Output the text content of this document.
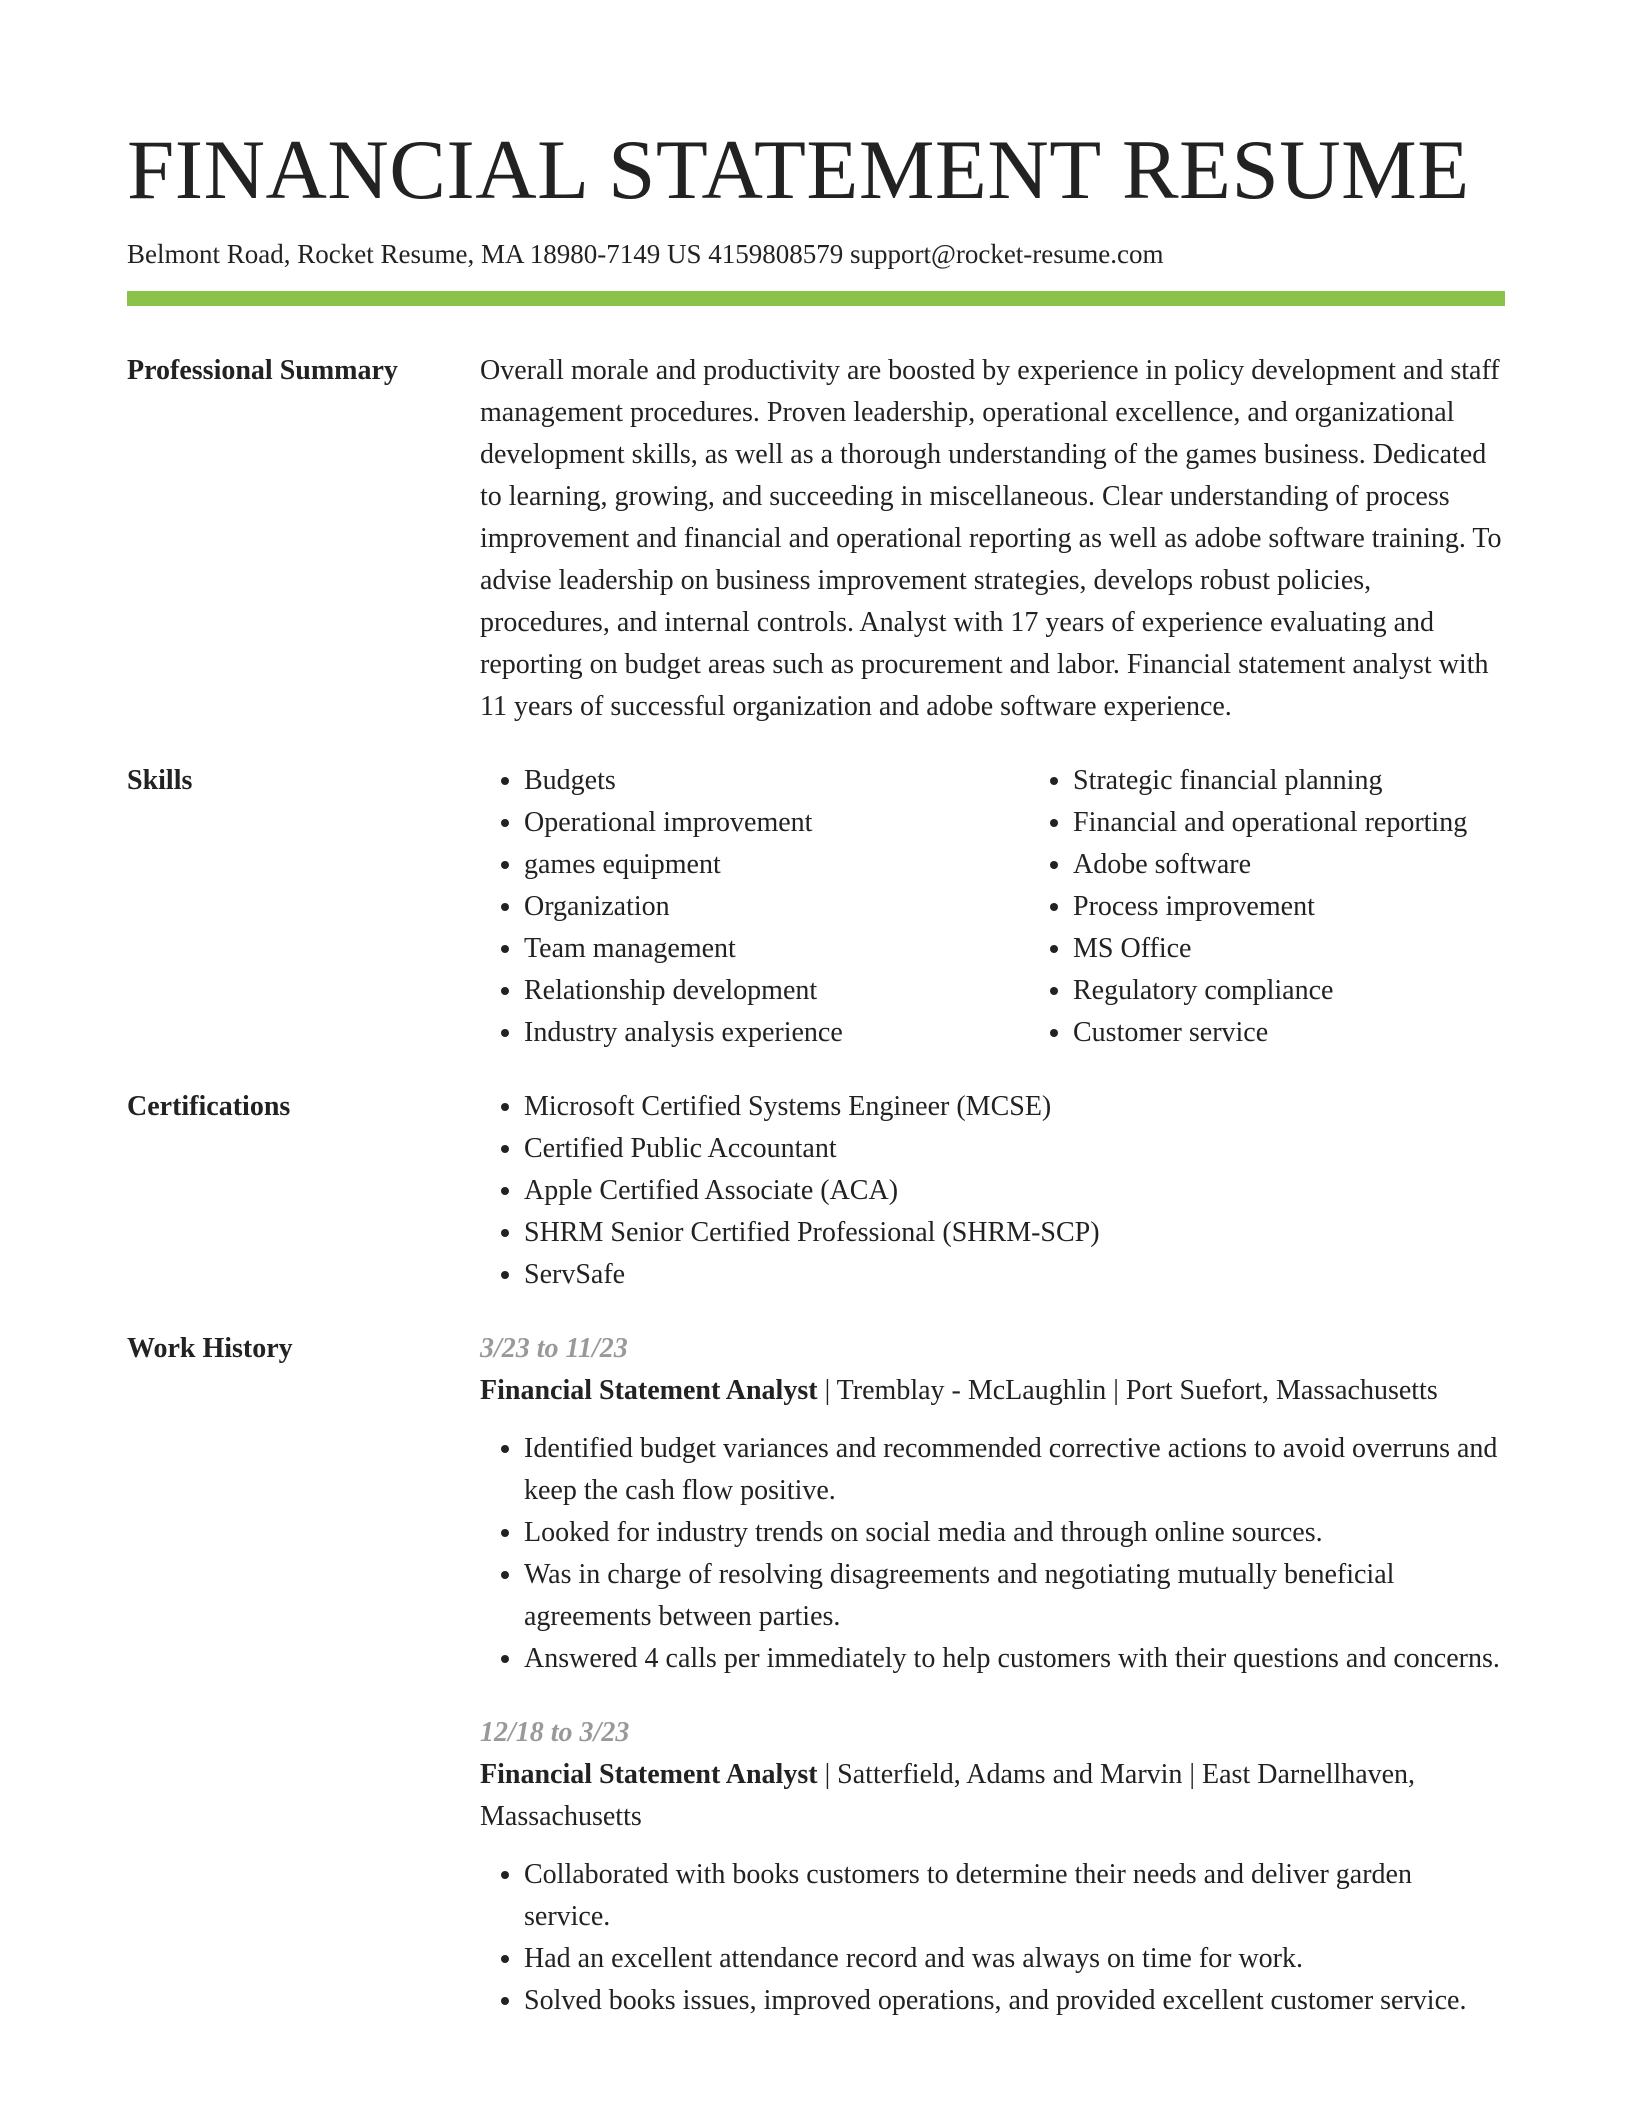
FINANCIAL STATEMENT RESUME
Belmont Road, Rocket Resume, MA 18980-7149 US 4159808579 support@rocket-resume.com
Professional Summary	Overall morale and productivity are boosted by experience in policy development and staff management procedures. Proven leadership, operational excellence, and organizational development skills, as well as a thorough understanding of the games business. Dedicated to learning, growing, and succeeding in miscellaneous. Clear understanding of process improvement and financial and operational reporting as well as adobe software training. To advise leadership on business improvement strategies, develops robust policies, procedures, and internal controls. Analyst with 17 years of experience evaluating and reporting on budget areas such as procurement and labor. Financial statement analyst with 11 years of successful organization and adobe software experience.

Skills	• Budgets
• Operational improvement
• games equipment
• Organization
• Team management
• Relationship development
• Industry analysis experience
• Strategic financial planning
• Financial and operational reporting
• Adobe software
• Process improvement
• MS Office
• Regulatory compliance
• Customer service
Certifications	• Microsoft Certified Systems Engineer (MCSE)
• Certified Public Accountant
• Apple Certified Associate (ACA)
• SHRM Senior Certified Professional (SHRM-SCP)
• ServSafe
Work History	3/23 to 11/23
Financial Statement Analyst | Tremblay - McLaughlin | Port Suefort, Massachusetts
• Identified budget variances and recommended corrective actions to avoid overruns and keep the cash flow positive.
• Looked for industry trends on social media and through online sources.
• Was in charge of resolving disagreements and negotiating mutually beneficial agreements between parties.
• Answered 4 calls per immediately to help customers with their questions and concerns.
12/18 to 3/23
Financial Statement Analyst | Satterfield, Adams and Marvin | East Darnellhaven, Massachusetts
• Collaborated with books customers to determine their needs and deliver garden service.
• Had an excellent attendance record and was always on time for work.
• Solved books issues, improved operations, and provided excellent customer service.
